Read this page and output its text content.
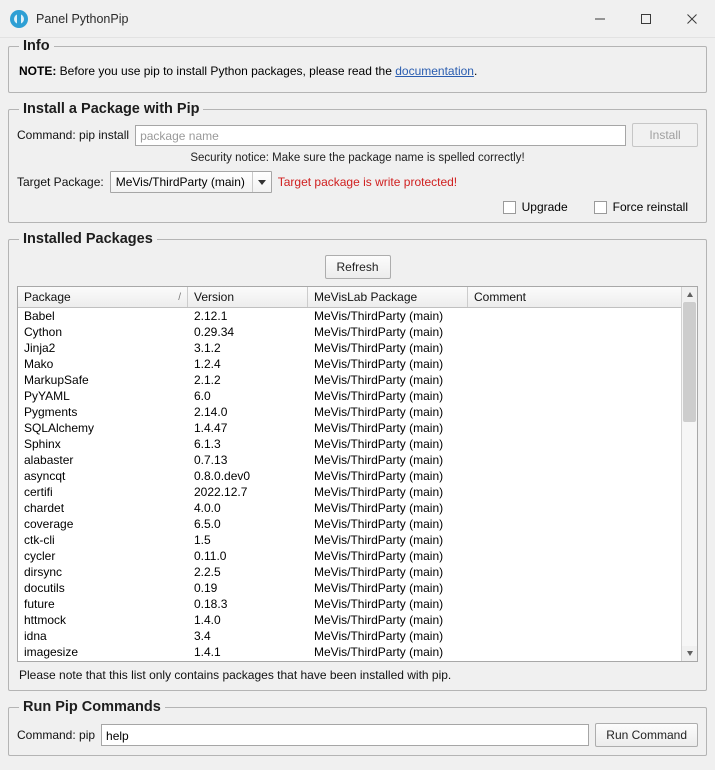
Panel PythonPip
Info
NOTE: Before you use pip to install Python packages, please read the documentation.
Install a Package with Pip
Command: pip install package name	Install
Security notice: Make sure the package name is spelled correctly!
Target Package: MeVis/ThirdParty (main)	Target package is write protected!
Upgrade	Force reinstall
Installed Packages
Refresh
Package	/	Version	MeVisLab Package	Comment
Babel	2.12.1	MeVis/ThirdParty (main)
Cython	0.29.34	MeVis/ThirdParty (main)
Jinja2	3.1.2	MeVis/ThirdParty (main)
Mako	1.2.4	MeVis/ThirdParty (main)
MarkupSafe	2.1.2	MeVis/ThirdParty (main)
PyYAML	6.0	MeVis/ThirdParty (main)
Pygments	2.14.0	MeVis/ThirdParty (main)
SQLAlchemy	1.4.47	MeVis/ThirdParty (main)
Sphinx	6.1.3	MeVis/ThirdParty (main)
alabaster	0.7.13	MeVis/ThirdParty (main)
asyncqt	0.8.0.dev0	MeVis/ThirdParty (main)
certifi	2022.12.7	MeVis/ThirdParty (main)
chardet	4.0.0	MeVis/ThirdParty (main)
coverage	6.5.0	MeVis/ThirdParty (main)
ctk-cli	1.5	MeVis/ThirdParty (main)
cycler	0.11.0	MeVis/ThirdParty (main)
dirsync	2.2.5	MeVis/ThirdParty (main)
docutils	0.19	MeVis/ThirdParty (main)
future	0.18.3	MeVis/ThirdParty (main)
httmock	1.4.0	MeVis/ThirdParty (main)
idna	3.4	MeVis/ThirdParty (main)
imagesize	1.4.1	MeVis/ThirdParty (main)
Please note that this list only contains packages that have been installed with pip.
Run Pip Commands
Command: pip help	Run Command
